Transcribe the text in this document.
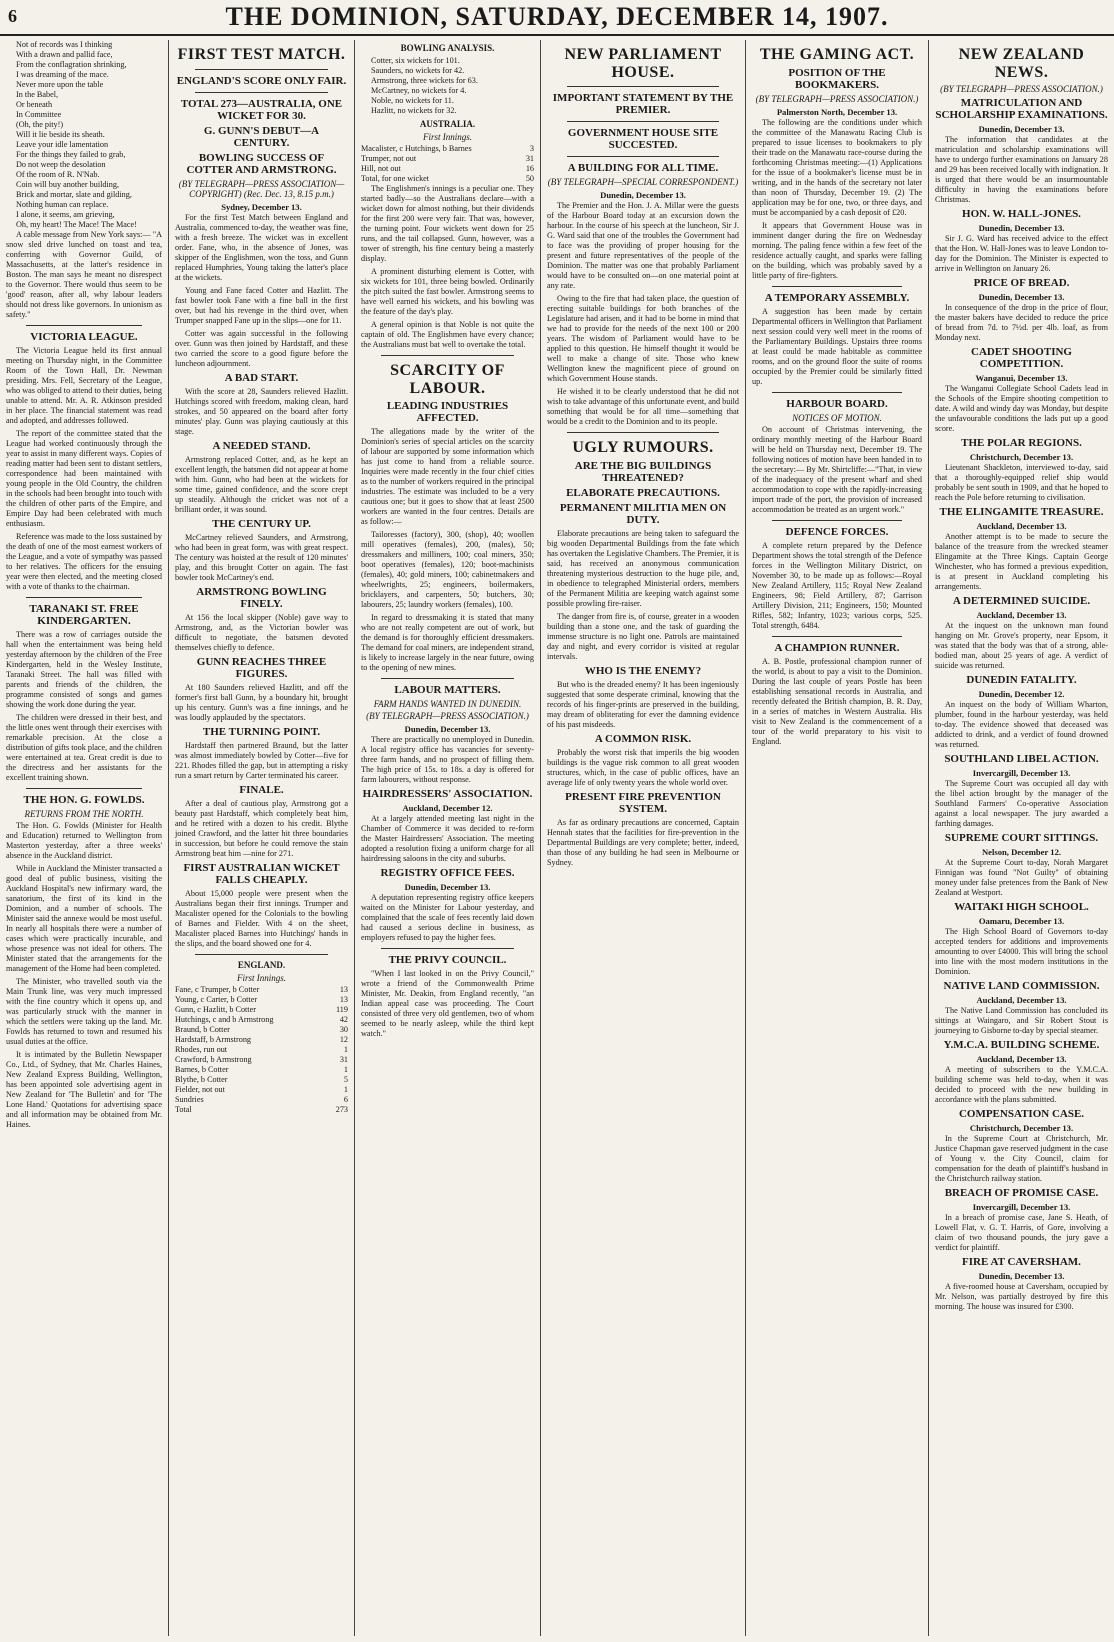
6	THE DOMINION, SATURDAY, DECEMBER 14, 1907.
Not of records was I thinking
With a drawn and pallid face,
From the conflagration shrinking,
I was dreaming of the mace.
Never more upon the table
In the Babel,
Or beneath
In Committee
(Oh, the pity!)
Will it lie beside its sheath.
Leave your idle lamentation
For the things they failed to grab,
Do not weep the desolation
Of the room of R. N'Nab.
Coin will buy another building,
Brick and mortar, slate and gilding,
Nothing human can replace.
I alone, it seems, am grieving,
Oh, my heart! The Mace! The Mace!

A cable message from New York says:— "A snow sled drive lunched on toast and tea, conferring with Governor Guild, of Massachusetts, at the latter's residence in Boston. The man says he meant no disrespect to the Governor. There would thus seem to be 'good' reason, after all, why labour leaders should not dress like governors. In unionism as safety."

VICTORIA LEAGUE.

The Victoria League held its first annual meeting on Thursday night, in the Committee Room of the Town Hall, Dr. Newman presiding. Mrs. Fell, Secretary of the League, who was obliged to attend to their duties, being unable to attend. Mr. A. R. Atkinson presided in her place. The financial statement was read and adopted, and addresses followed.

The report of the committee stated that the League had worked continuously through the year to assist in many different ways. Copies of reading matter had been sent to distant settlers, correspondence had been maintained with young people in the Old Country, the children in the schools had been brought into touch with the children of other parts of the Empire, and Empire Day had been celebrated with much enthusiasm.

Reference was made to the loss sustained by the death of one of the most earnest workers of the League, and a vote of sympathy was passed to her relatives. The officers for the ensuing year were then elected, and the meeting closed with a vote of thanks to the chairman.

TARANAKI ST. FREE KINDERGARTEN.

There was a row of carriages outside the hall when the entertainment was being held yesterday afternoon by the children of the Free Kindergarten, held in the Wesley Institute, Taranaki Street. The hall was filled with parents and friends of the children, the programme consisted of songs and games showing the work done during the year.

The children were dressed in their best, and the little ones went through their exercises with remarkable precision. At the close a distribution of gifts took place, and the children were entertained at tea. Great credit is due to the directress and her assistants for the excellent training shown.

THE HON. G. FOWLDS.
RETURNS FROM THE NORTH.

The Hon. G. Fowlds (Minister for Health and Education) returned to Wellington from Masterton yesterday, after a three weeks' absence in the Auckland district.

While in Auckland the Minister transacted a good deal of public business, visiting the Auckland Hospital's new infirmary ward, the sanatorium, the first of its kind in the Dominion, and a number of schools. The Minister said the annexe would be most useful. In nearly all hospitals there were a number of cases which were practically incurable, and whose presence was not ideal for others. The Minister stated that the arrangements for the management of the Home had been completed.

The Minister, who travelled south via the Main Trunk line, was very much impressed with the fine country which it opens up, and was particularly struck with the manner in which the settlers were taking up the land. Mr. Fowlds has returned to town and resumed his usual duties at the office.

It is intimated by the Bulletin Newspaper Co., Ltd., of Sydney, that Mr. Charles Haines, New Zealand Express Building, Wellington, has been appointed sole advertising agent in New Zealand for 'The Bulletin' and for 'The Lone Hand.' Quotations for advertising space and all information may be obtained from Mr. Haines.

FIRST TEST MATCH.
ENGLAND'S SCORE ONLY FAIR.
TOTAL 273—AUSTRALIA, ONE WICKET FOR 30.
G. GUNN'S DEBUT—A CENTURY.
BOWLING SUCCESS OF COTTER AND ARMSTRONG.
(BY TELEGRAPH—PRESS ASSOCIATION—COPYRIGHT) (Rec. Dec. 13, 8.15 p.m.)
Sydney, December 13.

For the first Test Match between England and Australia, commenced to-day, the weather was fine, with a fresh breeze. The wicket was in excellent order. Fane, who, in the absence of Jones, was skipper of the Englishmen, won the toss, and Gunn replaced Humphries, Young taking the latter's place at the wickets.

Young and Fane faced Cotter and Hazlitt. The fast bowler took Fane with a fine ball in the first over, but had his revenge in the third over, when Trumper snapped Fane up in the slips—one for 11.

Cotter was again successful in the following over. Gunn was then joined by Hardstaff, and these two carried the score to a good figure before the luncheon adjournment.

A BAD START.

With the score at 28, Saunders relieved Hazlitt. Hutchings scored with freedom, making clean, hard strokes, and 50 appeared on the board after forty minutes' play. Gunn was playing cautiously at this stage.

A NEEDED STAND.

Armstrong replaced Cotter, and, as he kept an excellent length, the batsmen did not appear at home with him. Gunn, who had been at the wickets for some time, gained confidence, and the score crept up steadily. Although the cricket was not of a brilliant order, it was sound.

THE CENTURY UP.

McCartney relieved Saunders, and Armstrong, who had been in great form, was with great respect. The century was hoisted at the result of 120 minutes' play, and this brought Cotter on again. The fast bowler took McCartney's end.

ARMSTRONG BOWLING FINELY.

At 156 the local skipper (Noble) gave way to Armstrong, and, as the Victorian bowler was difficult to negotiate, the batsmen devoted themselves chiefly to defence.

GUNN REACHES THREE FIGURES.

At 180 Saunders relieved Hazlitt, and off the former's first ball Gunn, by a boundary hit, brought up his century. Gunn's was a fine innings, and he was loudly applauded by the spectators.

THE TURNING POINT.

Hardstaff then partnered Braund, but the latter was almost immediately bowled by Cotter—five for 221. Rhodes filled the gap, but in attempting a risky run a smart return by Carter terminated his career.

FINALE.

After a deal of cautious play, Armstrong got a beauty past Hardstaff, which completely beat him, and he retired with a dozen to his credit. Blythe joined Crawford, and the latter hit three boundaries in succession, but before he could remove the stain Armstrong beat him —nine for 271.

FIRST AUSTRALIAN WICKET FALLS CHEAPLY.

About 15,000 people were present when the Australians began their first innings. Trumper and Macalister opened for the Colonials to the bowling of Barnes and Fielder. With 4 on the sheet, Macalister placed Barnes into Hutchings' hands in the slips, and the board showed one for 4.

ENGLAND.
First Innings.
Fane, c Trumper, b Cotter	13
Young, c Carter, b Cotter	13
Gunn, c Hazlitt, b Cotter	119
Hutchings, c and b Armstrong	42
Braund, b Cotter	30
Hardstaff, b Armstrong	12
Rhodes, run out	1
Crawford, b Armstrong	31
Barnes, b Cotter	1
Blythe, b Cotter	5
Fielder, not out	1
Sundries	6
Total	273
BOWLING ANALYSIS.
Cotter, six wickets for 101.
Saunders, no wickets for 42.
Armstrong, three wickets for 63.
McCartney, no wickets for 4.
Noble, no wickets for 11.
Hazlitt, no wickets for 32.
AUSTRALIA.
First Innings.
Macalister, c Hutchings, b Barnes	3
Trumper, not out	31
Hill, not out	16
Total, for one wicket	50

The Englishmen's innings is a peculiar one. They started badly—so the Australians declare—with a wicket down for almost nothing, but their dividends for the first 200 were very fair. That was, however, the turning point. Four wickets went down for 25 runs, and the tail collapsed. Gunn, however, was a tower of strength, his fine century being a masterly display.

A prominent disturbing element is Cotter, with six wickets for 101, three being bowled. Ordinarily the pitch suited the fast bowler. Armstrong seems to have well earned his wickets, and his bowling was the feature of the day's play.

A general opinion is that Noble is not quite the captain of old. The Englishmen have every chance; the Australians must bat well to overtake the total.

SCARCITY OF LABOUR.
LEADING INDUSTRIES AFFECTED.

The allegations made by the writer of the Dominion's series of special articles on the scarcity of labour are supported by some information which has just come to hand from a reliable source. Inquiries were made recently in the four chief cities as to the number of workers required in the principal industries. The estimate was included to be a very cautious one; but it goes to show that at least 2500 workers are wanted in the four centres. Details are as follow:—

Tailoresses (factory), 300, (shop), 40; woollen mill operatives (females), 200, (males), 50; dressmakers and milliners, 100; coal miners, 350; boot operatives (females), 120; boot-machinists (females), 40; gold miners, 100; cabinetmakers and wheelwrights, 25; engineers, boilermakers, bricklayers, and carpenters, 50; butchers, 30; labourers, 25; laundry workers (females), 100.

In regard to dressmaking it is stated that many who are not really competent are out of work, but the demand is for thoroughly efficient dressmakers. The demand for coal miners, are independent strand, is likely to increase largely in the near future, owing to the opening of new mines.

LABOUR MATTERS.
FARM HANDS WANTED IN DUNEDIN.
(BY TELEGRAPH—PRESS ASSOCIATION.)
Dunedin, December 13.

There are practically no unemployed in Dunedin. A local registry office has vacancies for seventy-three farm hands, and no prospect of filling them. The high price of 15s. to 18s. a day is offered for farm labourers, without response.

HAIRDRESSERS' ASSOCIATION.
Auckland, December 12.

At a largely attended meeting last night in the Chamber of Commerce it was decided to re-form the Master Hairdressers' Association. The meeting adopted a resolution fixing a uniform charge for all hairdressing saloons in the city and suburbs.

REGISTRY OFFICE FEES.
Dunedin, December 13.

A deputation representing registry office keepers waited on the Minister for Labour yesterday, and complained that the scale of fees recently laid down had caused a serious decline in business, as employers refused to pay the higher fees.

THE PRIVY COUNCIL.

"When I last looked in on the Privy Council," wrote a friend of the Commonwealth Prime Minister, Mr. Deakin, from England recently, "an Indian appeal case was proceeding. The Court consisted of three very old gentlemen, two of whom seemed to be nearly asleep, while the third kept watch."

NEW PARLIAMENT HOUSE.
IMPORTANT STATEMENT BY THE PREMIER.
GOVERNMENT HOUSE SITE SUCCESTED.
A BUILDING FOR ALL TIME.
(BY TELEGRAPH—SPECIAL CORRESPONDENT.)
Dunedin, December 13.

The Premier and the Hon. J. A. Millar were the guests of the Harbour Board today at an excursion down the harbour. In the course of his speech at the luncheon, Sir J. G. Ward said that one of the troubles the Government had to face was the providing of proper housing for the present and future representatives of the people of the Dominion. The matter was one that probably Parliament would have to be consulted on—on one material point at any rate.

Owing to the fire that had taken place, the question of erecting suitable buildings for both branches of the Legislature had arisen, and it had to be borne in mind that we had to provide for the needs of the next 100 or 200 years. The wisdom of Parliament would have to be applied to this question. He himself thought it would be well to make a change of site. Those who knew Wellington knew the magnificent piece of ground on which Government House stands.

He wished it to be clearly understood that he did not wish to take advantage of this unfortunate event, and build something that would be for all time—something that would be a credit to the Dominion and to its people.

UGLY RUMOURS.
ARE THE BIG BUILDINGS THREATENED?
ELABORATE PRECAUTIONS.
PERMANENT MILITIA MEN ON DUTY.

Elaborate precautions are being taken to safeguard the big wooden Departmental Buildings from the fate which has overtaken the Legislative Chambers. The Premier, it is said, has received an anonymous communication threatening mysterious destruction to the huge pile, and, in obedience to telegraphed Ministerial orders, members of the Permanent Militia are keeping watch against some possible prowling fire-raiser.

The danger from fire is, of course, greater in a wooden building than a stone one, and the task of guarding the immense structure is no light one. Patrols are maintained day and night, and every corridor is visited at regular intervals.

WHO IS THE ENEMY?

But who is the dreaded enemy? It has been ingeniously suggested that some desperate criminal, knowing that the records of his finger-prints are preserved in the building, may dream of obliterating for ever the damning evidence of his past misdeeds.

A COMMON RISK.

Probably the worst risk that imperils the big wooden buildings is the vague risk common to all great wooden structures, which, in the case of public offices, have an average life of only twenty years the whole world over.

PRESENT FIRE PREVENTION SYSTEM.

As far as ordinary precautions are concerned, Captain Hennah states that the facilities for fire-prevention in the Departmental Buildings are very complete; better, indeed, than those of any building he had seen in Melbourne or Sydney.

THE GAMING ACT.
POSITION OF THE BOOKMAKERS.
(BY TELEGRAPH—PRESS ASSOCIATION.)
Palmerston North, December 13.

The following are the conditions under which the committee of the Manawatu Racing Club is prepared to issue licenses to bookmakers to ply their trade on the Manawatu race-course during the forthcoming Christmas meeting:—(1) Applications for the issue of a bookmaker's license must be in writing, and in the hands of the secretary not later than noon of Thursday, December 19. (2) The application may be for one, two, or three days, and must be accompanied by a cash deposit of £20.

It appears that Government House was in imminent danger during the fire on Wednesday morning. The paling fence within a few feet of the residence actually caught, and sparks were falling on the building, which was probably saved by a little party of fire-fighters.

A TEMPORARY ASSEMBLY.

A suggestion has been made by certain Departmental officers in Wellington that Parliament next session could very well meet in the rooms of the Parliamentary Buildings. Upstairs three rooms at least could be made habitable as committee rooms, and on the ground floor the suite of rooms occupied by the Premier could be similarly fitted up.

HARBOUR BOARD.
NOTICES OF MOTION.

On account of Christmas intervening, the ordinary monthly meeting of the Harbour Board will be held on Thursday next, December 19. The following notices of motion have been handed in to the secretary:— By Mr. Shirtcliffe:—"That, in view of the inadequacy of the present wharf and shed accommodation to cope with the rapidly-increasing import trade of the port, the provision of increased accommodation be treated as an urgent work."

DEFENCE FORCES.

A complete return prepared by the Defence Department shows the total strength of the Defence forces in the Wellington Military District, on November 30, to be made up as follows:—Royal New Zealand Artillery, 115; Royal New Zealand Engineers, 98; Field Artillery, 87; Garrison Artillery Division, 211; Engineers, 150; Mounted Rifles, 582; Infantry, 1023; various corps, 525. Total strength, 6484.

A CHAMPION RUNNER.

A. B. Postle, professional champion runner of the world, is about to pay a visit to the Dominion. During the last couple of years Postle has been establishing sensational records in Australia, and recently defeated the British champion, B. R. Day, in a series of matches in Western Australia. His visit to New Zealand is the commencement of a tour of the world preparatory to his visit to England.

NEW ZEALAND NEWS.
(BY TELEGRAPH—PRESS ASSOCIATION.)
MATRICULATION AND SCHOLARSHIP EXAMINATIONS.
Dunedin, December 13.

The information that candidates at the matriculation and scholarship examinations will have to undergo further examinations on January 28 and 29 has been received locally with indignation. It is urged that there would be an insurmountable difficulty in having the examinations before Christmas.

HON. W. HALL-JONES.
Dunedin, December 13.

Sir J. G. Ward has received advice to the effect that the Hon. W. Hall-Jones was to leave London to-day for the Dominion. The Minister is expected to arrive in Wellington on January 26.

PRICE OF BREAD.
Dunedin, December 13.

In consequence of the drop in the price of flour, the master bakers have decided to reduce the price of bread from 7d. to 7½d. per 4lb. loaf, as from Monday next.

CADET SHOOTING COMPETITION.
Wanganui, December 13.

The Wanganui Collegiate School Cadets lead in the Schools of the Empire shooting competition to date. A wild and windy day was Monday, but despite the unfavourable conditions the lads put up a good score.

THE POLAR REGIONS.
Christchurch, December 13.

Lieutenant Shackleton, interviewed to-day, said that a thoroughly-equipped relief ship would probably be sent south in 1909, and that he hoped to reach the Pole before returning to civilisation.

THE ELINGAMITE TREASURE.
Auckland, December 13.

Another attempt is to be made to secure the balance of the treasure from the wrecked steamer Elingamite at the Three Kings. Captain George Winchester, who has formed a previous expedition, is at present in Auckland completing his arrangements.

A DETERMINED SUICIDE.
Auckland, December 13.

At the inquest on the unknown man found hanging on Mr. Grove's property, near Epsom, it was stated that the body was that of a strong, able-bodied man, about 25 years of age. A verdict of suicide was returned.

DUNEDIN FATALITY.
Dunedin, December 12.

An inquest on the body of William Wharton, plumber, found in the harbour yesterday, was held to-day. The evidence showed that deceased was addicted to drink, and a verdict of found drowned was returned.

SOUTHLAND LIBEL ACTION.
Invercargill, December 13.

The Supreme Court was occupied all day with the libel action brought by the manager of the Southland Farmers' Co-operative Association against a local newspaper. The jury awarded a farthing damages.

SUPREME COURT SITTINGS.
Nelson, December 12.

At the Supreme Court to-day, Norah Margaret Finnigan was found "Not Guilty" of obtaining money under false pretences from the Bank of New Zealand at Westport.

WAITAKI HIGH SCHOOL.
Oamaru, December 13.

The High School Board of Governors to-day accepted tenders for additions and improvements amounting to over £4000. This will bring the school into line with the most modern institutions in the Dominion.

NATIVE LAND COMMISSION.
Auckland, December 13.

The Native Land Commission has concluded its sittings at Waingaro, and Sir Robert Stout is journeying to Gisborne to-day by special steamer.

Y.M.C.A. BUILDING SCHEME.
Auckland, December 13.

A meeting of subscribers to the Y.M.C.A. building scheme was held to-day, when it was decided to proceed with the new building in accordance with the plans submitted.

COMPENSATION CASE.
Christchurch, December 13.

In the Supreme Court at Christchurch, Mr. Justice Chapman gave reserved judgment in the case of Young v. the City Council, claim for compensation for the death of plaintiff's husband in the Christchurch railway station.

BREACH OF PROMISE CASE.
Invercargill, December 13.

In a breach of promise case, Jane S. Heath, of Lowell Flat, v. G. T. Harris, of Gore, involving a claim of two thousand pounds, the jury gave a verdict for plaintiff.

FIRE AT CAVERSHAM.
Dunedin, December 13.

A five-roomed house at Caversham, occupied by Mr. Nelson, was partially destroyed by fire this morning. The house was insured for £300.
